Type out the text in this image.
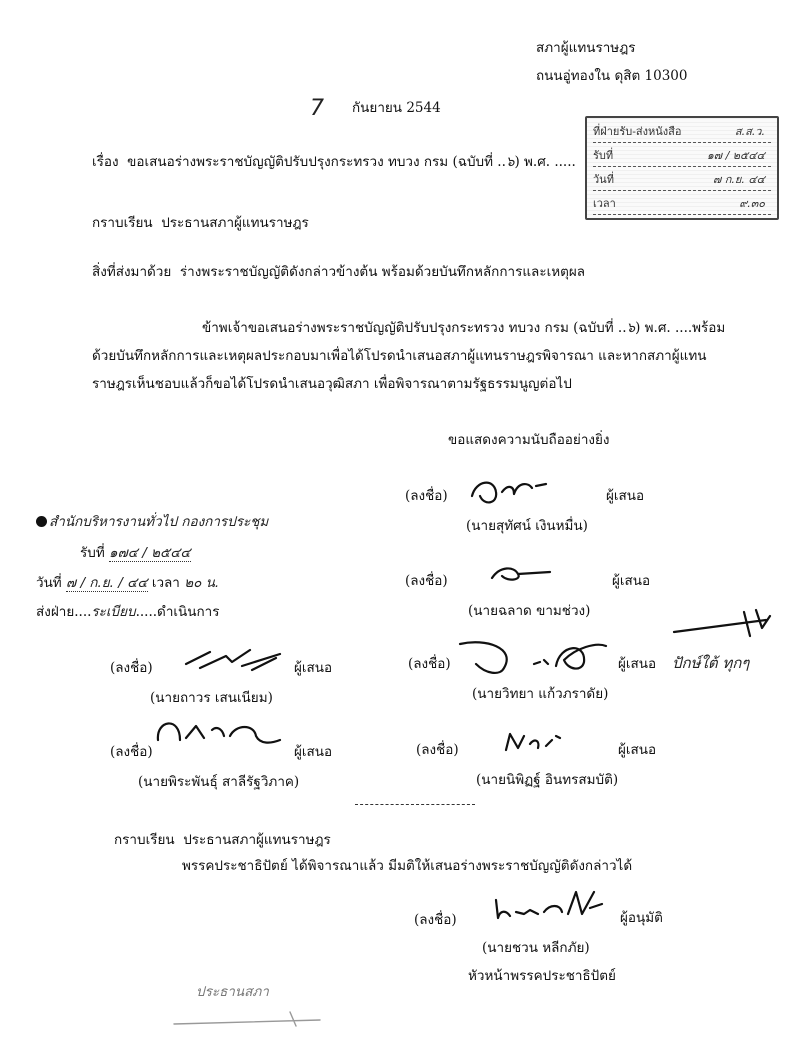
สภาผู้แทนราษฎร
ถนนอู่ทองใน ดุสิต 10300
7 กันยายน 2544
ที่ฝ่ายรับ-ส่งหนังสือ	ส.ส.ว.
รับที่	๑๗ / ๒๕๔๔
วันที่	๗ ก.ย. ๔๔
เวลา	๙.๓๐
เรื่อง ขอเสนอร่างพระราชบัญญัติปรับปรุงกระทรวง ทบวง กรม (ฉบับที่ ..๖) พ.ศ. .....
กราบเรียน ประธานสภาผู้แทนราษฎร
สิ่งที่ส่งมาด้วย ร่างพระราชบัญญัติดังกล่าวข้างต้น พร้อมด้วยบันทึกหลักการและเหตุผล
ข้าพเจ้าขอเสนอร่างพระราชบัญญัติปรับปรุงกระทรวง ทบวง กรม (ฉบับที่ ..๖) พ.ศ. ....พร้อม
ด้วยบันทึกหลักการและเหตุผลประกอบมาเพื่อได้โปรดนำเสนอสภาผู้แทนราษฎรพิจารณา และหากสภาผู้แทน
ราษฎรเห็นชอบแล้วก็ขอได้โปรดนำเสนอวุฒิสภา เพื่อพิจารณาตามรัฐธรรมนูญต่อไป
ขอแสดงความนับถืออย่างยิ่ง
(ลงชื่อ)	ผู้เสนอ
(นายสุทัศน์ เงินหมื่น)
(ลงชื่อ)	ผู้เสนอ
(นายฉลาด ขามช่วง)
(ลงชื่อ)	ผู้เสนอ
(นายวิทยา แก้วภราดัย)
ปักษ์ใต้ ทุกๆ
สำนักบริหารงานทั่วไป กองการประชุม
รับที่ ๑๗๔ / ๒๕๔๔
วันที่ ๗ / ก.ย. / ๔๔ เวลา ๒๐ น.
ส่งฝ่าย....ระเบียบ.....ดำเนินการ
(ลงชื่อ)	ผู้เสนอ
(นายถาวร เสนเนียม)
(ลงชื่อ)	ผู้เสนอ
(นายพิระพันธุ์ สาลีรัฐวิภาค)
(ลงชื่อ)	ผู้เสนอ
(นายนิพิฏฐ์ อินทรสมบัติ)
กราบเรียน ประธานสภาผู้แทนราษฎร
พรรคประชาธิปัตย์ ได้พิจารณาแล้ว มีมติให้เสนอร่างพระราชบัญญัติดังกล่าวได้
(ลงชื่อ)	ผู้อนุมัติ
(นายชวน หลีกภัย)
หัวหน้าพรรคประชาธิปัตย์
ประธานสภา
